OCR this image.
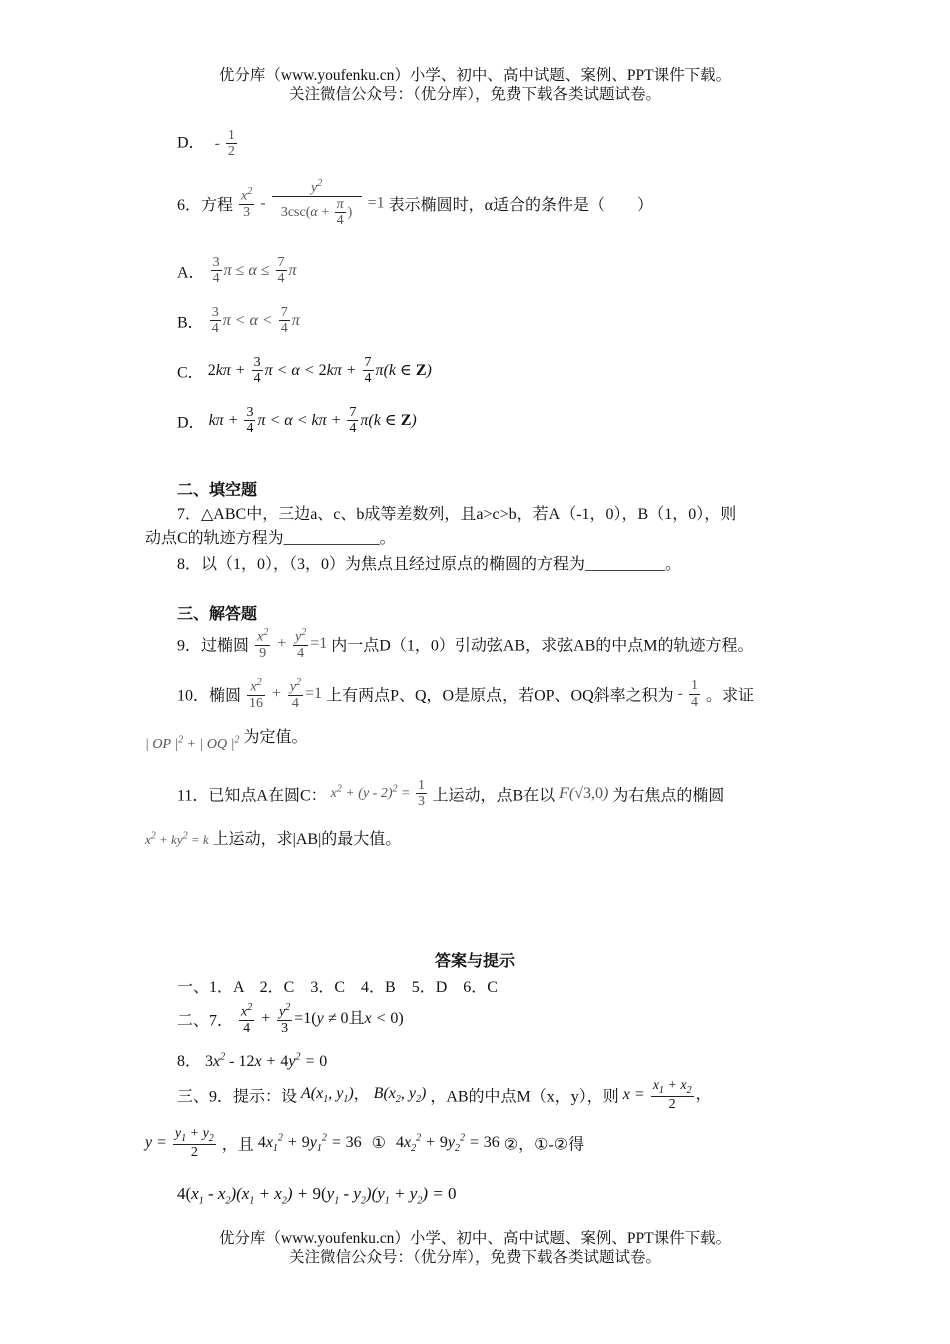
优分库（www.youfenku.cn）小学、初中、高中试题、案例、PPT课件下载。
关注微信公众号：（优分库），免费下载各类试题试卷。
D． - $\frac{1}{2}$
6．方程 $\frac{x^2}{3} - \frac{y^2}{3\csc(\alpha + \frac{\pi}{4} )} =1$ 表示椭圆时，α适合的条件是（　　）
A． $\frac{3}{4}$ $\pi \le \alpha \le \frac{7}{4}$ π
B． $\frac{3}{4}$ $\pi < \alpha < \frac{7}{4}$ π
C． $2k\pi + \frac{3}{4}$ $\pi < \alpha < 2k\pi + \frac{7}{4} \pi(k$ ∈ Z)
D． $k\pi + \frac{3}{4}$ $\pi < \alpha < k\pi + \frac{7}{4} \pi(k$ ∈ Z)
二、填空题
7．△ABC中，三边a、c、b成等差数列，且a>c>b，若A（-1，0），B（1，0），则
动点C的轨迹方程为____________。
8．以（1，0），（3，0）为焦点且经过原点的椭圆的方程为__________。
三、解答题
9．过椭圆 $\frac{x^2}{9} + \frac{y^2}{4} =1$ 内一点D（1，0）引动弦AB，求弦AB的中点M的轨迹方程。
10．椭圆 $\frac{x^2}{16} + \frac{y^2}{4} =1$ 上有两点P、Q，O是原点，若OP、OQ斜率之积为 - $\frac{1}{4}$ 。求证
| OP $|^2$ + | OQ $|^2$ 为定值。
11．已知点A在圆C： $x^2 + (y - 2)^2 = \frac{1}{3}$ 上运动，点B在以 F(√3,0) 为右焦点的椭圆
$x^2 + ky^2 = k$ 上运动，求|AB|的最大值。
答案与提示
一、1．A　2．C　3．C　4．B　5．D　6．C
二、7． $\frac{x^2}{4} + \frac{y^2}{3} =1(y \ne 0$且x < 0)
8． $3x^2 - 12x + 4y^2 = 0$
三、9．提示：设 $A(x_1$, $y_1$)， $B(x_2$, $y_2$) ，AB的中点M（x，y），则 $x = \frac{x_1 + x_2}{2}$ ，
$y = \frac{y_1 + y_2}{2}$ ，且 $4x_1^2 + 9y_1^2 = 36$ ① $4x_2^2 + 9y_2^2 = 36$ ②，①-②得
$4(x_1 - x_2)(x_1 + x_2) + 9(y_1 - y_2)(y_1 + y_2) = 0$
优分库（www.youfenku.cn）小学、初中、高中试题、案例、PPT课件下载。
关注微信公众号：（优分库），免费下载各类试题试卷。
